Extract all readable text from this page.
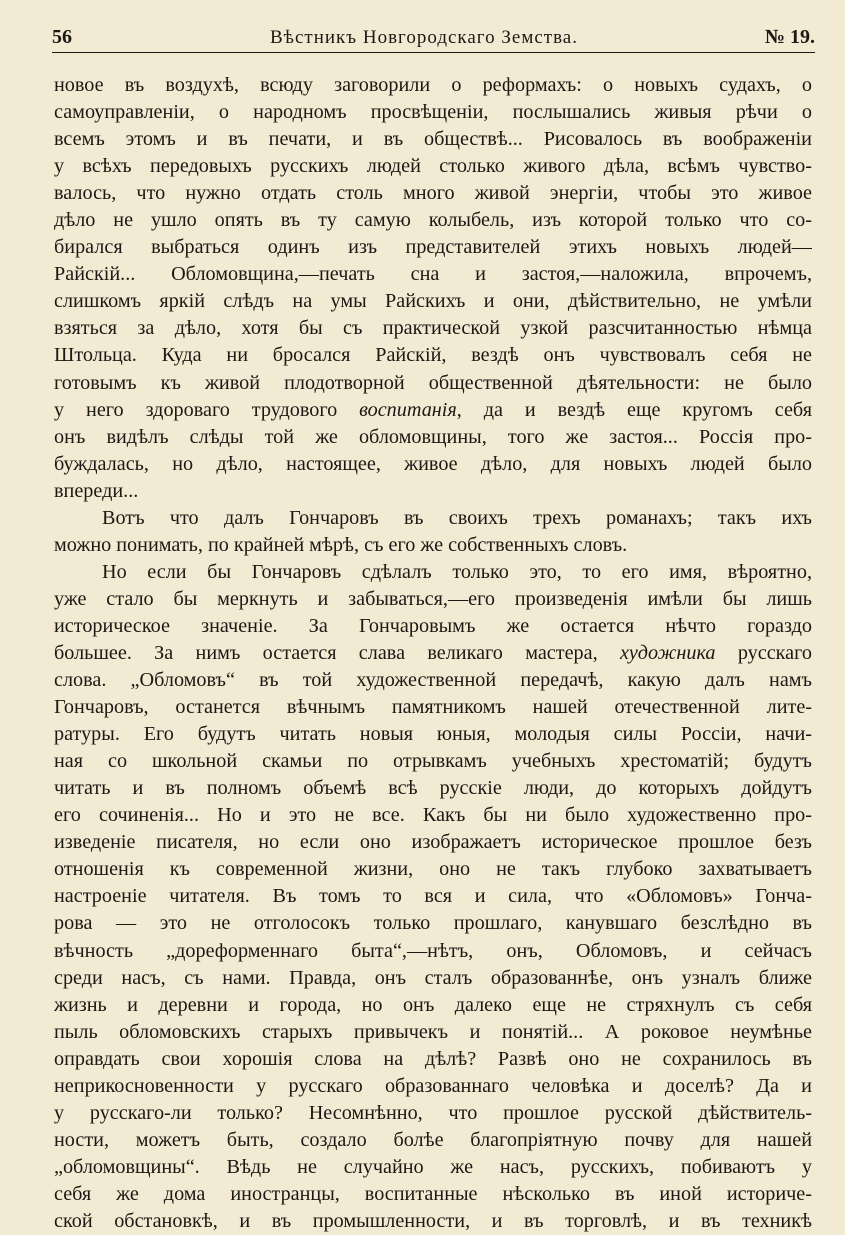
56	Вѣстникъ Новгородскаго Земства.	№ 19.
новое въ воздухѣ, всюду заговорили о реформахъ: о новыхъ судахъ, о
самоуправленіи, о народномъ просвѣщеніи, послышались живыя рѣчи о
всемъ этомъ и въ печати, и въ обществѣ... Рисовалось въ воображеніи
у всѣхъ передовыхъ русскихъ людей столько живого дѣла, всѣмъ чувство-
валось, что нужно отдать столь много живой энергіи, чтобы это живое
дѣло не ушло опять въ ту самую колыбель, изъ которой только что со-
бирался выбраться одинъ изъ представителей этихъ новыхъ людей—
Райскій... Обломовщина,—печать сна и застоя,—наложила, впрочемъ,
слишкомъ яркій слѣдъ на умы Райскихъ и они, дѣйствительно, не умѣли
взяться за дѣло, хотя бы съ практической узкой разсчитанностью нѣмца
Штольца. Куда ни бросался Райскій, вездѣ онъ чувствовалъ себя не
готовымъ къ живой плодотворной общественной дѣятельности: не было
у него здороваго трудового воспитанія, да и вездѣ еще кругомъ себя
онъ видѣлъ слѣды той же обломовщины, того же застоя... Россія про-
буждалась, но дѣло, настоящее, живое дѣло, для новыхъ людей было
впереди...
Вотъ что далъ Гончаровъ въ своихъ трехъ романахъ; такъ ихъ
можно понимать, по крайней мѣрѣ, съ его же собственныхъ словъ.
Но если бы Гончаровъ сдѣлалъ только это, то его имя, вѣроятно,
уже стало бы меркнуть и забываться,—его произведенія имѣли бы лишь
историческое значеніе. За Гончаровымъ же остается нѣчто гораздо
большее. За нимъ остается слава великаго мастера, художника русскаго
слова. „Обломовъ“ въ той художественной передачѣ, какую далъ намъ
Гончаровъ, останется вѣчнымъ памятникомъ нашей отечественной лите-
ратуры. Его будутъ читать новыя юныя, молодыя силы Россіи, начи-
ная со школьной скамьи по отрывкамъ учебныхъ хрестоматій; будутъ
читать и въ полномъ объемѣ всѣ русскіе люди, до которыхъ дойдутъ
его сочиненія... Но и это не все. Какъ бы ни было художественно про-
изведеніе писателя, но если оно изображаетъ историческое прошлое безъ
отношенія къ современной жизни, оно не такъ глубоко захватываетъ
настроеніе читателя. Въ томъ то вся и сила, что «Обломовъ» Гонча-
рова — это не отголосокъ только прошлаго, канувшаго безслѣдно въ
вѣчность „дореформеннаго быта“,—нѣтъ, онъ, Обломовъ, и сейчасъ
среди насъ, съ нами. Правда, онъ сталъ образованнѣе, онъ узналъ ближе
жизнь и деревни и города, но онъ далеко еще не стряхнулъ съ себя
пыль обломовскихъ старыхъ привычекъ и понятій... А роковое неумѣнье
оправдать свои хорошія слова на дѣлѣ? Развѣ оно не сохранилось въ
неприкосновенности у русскаго образованнаго человѣка и доселѣ? Да и
у русскаго-ли только? Несомнѣнно, что прошлое русской дѣйствитель-
ности, можетъ быть, создало болѣе благопріятную почву для нашей
„обломовщины“. Вѣдь не случайно же насъ, русскихъ, побиваютъ у
себя же дома иностранцы, воспитанные нѣсколько въ иной историче-
ской обстановкѣ, и въ промышленности, и въ торговлѣ, и въ техникѣ
